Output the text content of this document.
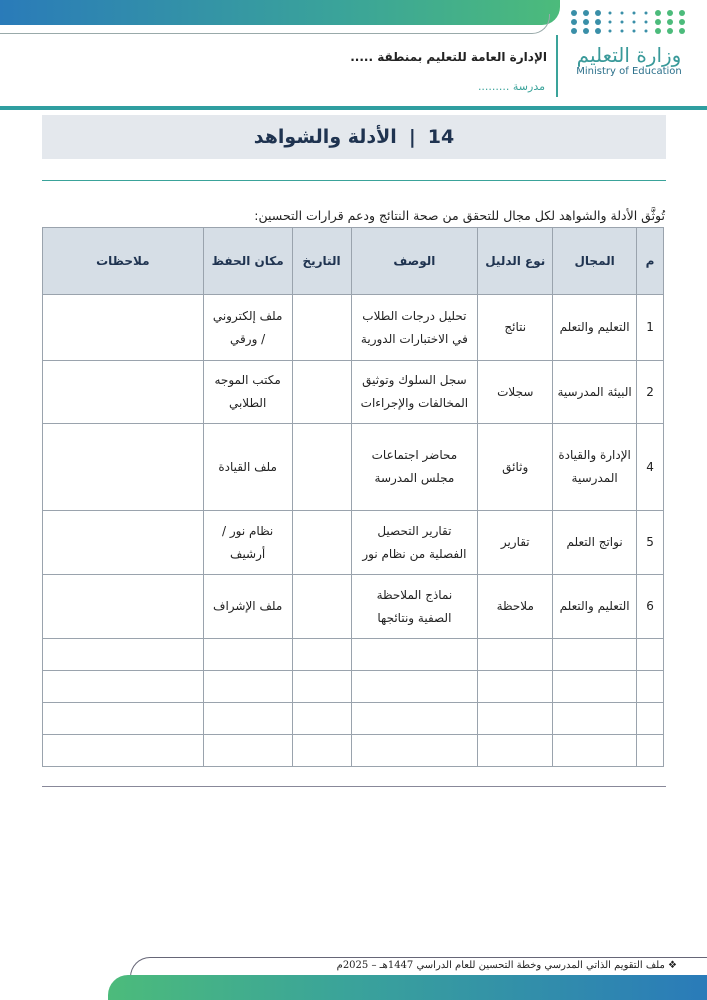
وزارة التعليم
Ministry of Education
الإدارة العامة للتعليم بمنطقة .....
مدرسة .........
14
|
الأدلة والشواهد
تُوثَّق الأدلة والشواهد لكل مجال للتحقق من صحة النتائج ودعم قرارات التحسين:
م	المجال	نوع الدليل	الوصف	التاريخ	مكان الحفظ	ملاحظات
1	التعليم والتعلم	نتائج	تحليل درجات الطلاب في الاختبارات الدورية		ملف إلكتروني / ورقي	
2	البيئة المدرسية	سجلات	سجل السلوك وتوثيق المخالفات والإجراءات		مكتب الموجه الطلابي	
4	الإدارة والقيادة المدرسية	وثائق	محاضر اجتماعات مجلس المدرسة		ملف القيادة	
5	نواتج التعلم	تقارير	تقارير التحصيل الفصلية من نظام نور		نظام نور / أرشيف	
6	التعليم والتعلم	ملاحظة	نماذج الملاحظة الصفية ونتائجها		ملف الإشراف	

❖ ملف التقويم الذاتي المدرسي وخطة التحسين للعام الدراسي 1447هـ – 2025م
